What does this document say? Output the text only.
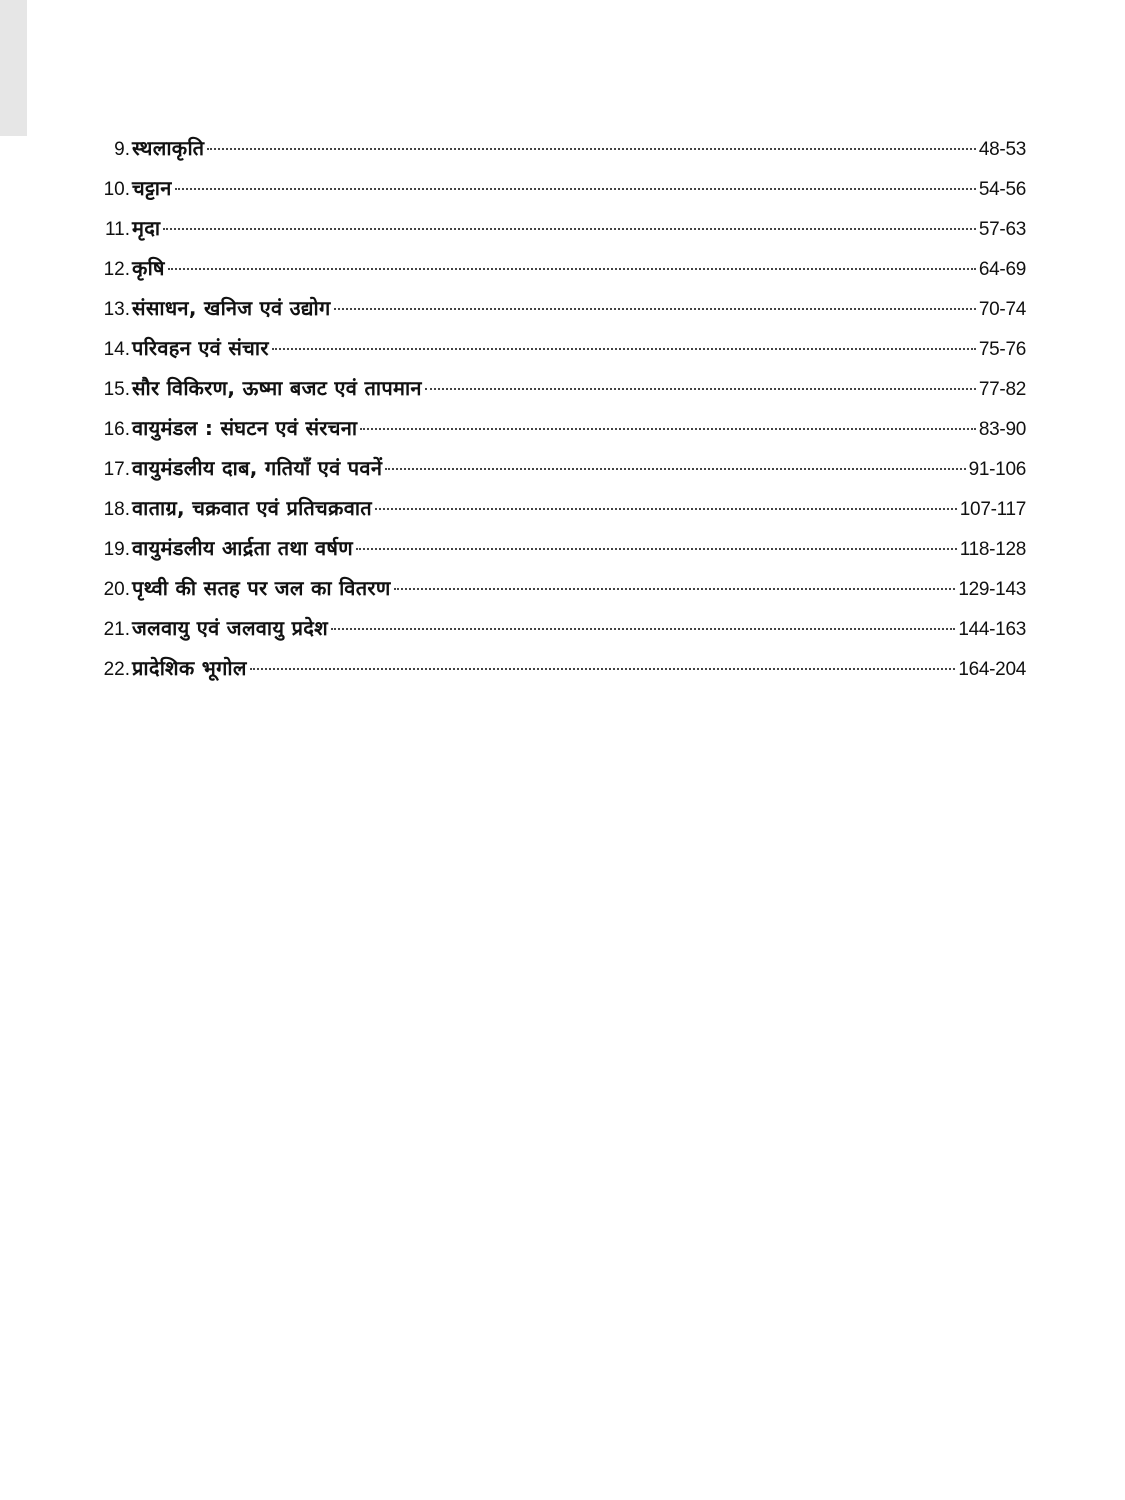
9. स्थलाकृति	48-53
10. चट्टान	54-56
11. मृदा	57-63
12. कृषि	64-69
13. संसाधन, खनिज एवं उद्योग	70-74
14. परिवहन एवं संचार	75-76
15. सौर विकिरण, ऊष्मा बजट एवं तापमान	77-82
16. वायुमंडल : संघटन एवं संरचना	83-90
17. वायुमंडलीय दाब, गतियाँ एवं पवनें	91-106
18. वाताग्र, चक्रवात एवं प्रतिचक्रवात	107-117
19. वायुमंडलीय आर्द्रता तथा वर्षण	118-128
20. पृथ्वी की सतह पर जल का वितरण	129-143
21. जलवायु एवं जलवायु प्रदेश	144-163
22. प्रादेशिक भूगोल	164-204
